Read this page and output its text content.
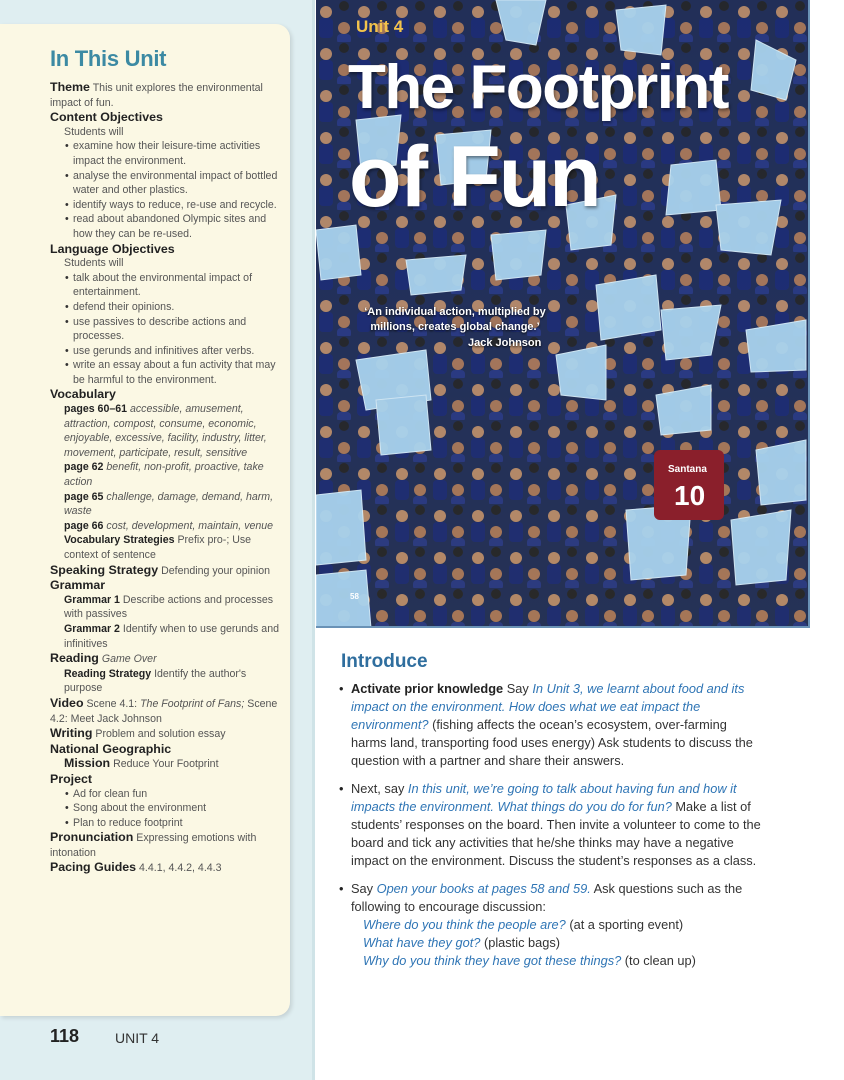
In This Unit
Theme This unit explores the environmental impact of fun.
Content Objectives
Students will
• examine how their leisure-time activities impact the environment.
• analyse the environmental impact of bottled water and other plastics.
• identify ways to reduce, re-use and recycle.
• read about abandoned Olympic sites and how they can be re-used.
Language Objectives
Students will
• talk about the environmental impact of entertainment.
• defend their opinions.
• use passives to describe actions and processes.
• use gerunds and infinitives after verbs.
• write an essay about a fun activity that may be harmful to the environment.
Vocabulary
pages 60–61 accessible, amusement, attraction, compost, consume, economic, enjoyable, excessive, facility, industry, litter, movement, participate, result, sensitive
page 62 benefit, non-profit, proactive, take action
page 65 challenge, damage, demand, harm, waste
page 66 cost, development, maintain, venue
Vocabulary Strategies Prefix pro-; Use context of sentence
Speaking Strategy Defending your opinion
Grammar
Grammar 1 Describe actions and processes with passives
Grammar 2 Identify when to use gerunds and infinitives
Reading Game Over
Reading Strategy Identify the author's purpose
Video Scene 4.1: The Footprint of Fans; Scene 4.2: Meet Jack Johnson
Writing Problem and solution essay
National Geographic
Mission Reduce Your Footprint
Project
• Ad for clean fun
• Song about the environment
• Plan to reduce footprint
Pronunciation Expressing emotions with intonation
Pacing Guides 4.4.1, 4.4.2, 4.4.3
118	UNIT 4
Santana
10
Unit 4
The Footprint
of Fun
‘An individual action, multiplied by millions, creates global change.’
Jack Johnson
58
Introduce

• Activate prior knowledge Say In Unit 3, we learnt about food and its impact on the environment. How does what we eat impact the environment? (fishing affects the ocean’s ecosystem, over-farming harms land, transporting food uses energy) Ask students to discuss the question with a partner and share their answers.

• Next, say In this unit, we’re going to talk about having fun and how it impacts the environment. What things do you do for fun? Make a list of students’ responses on the board. Then invite a volunteer to come to the board and tick any activities that he/she thinks may have a negative impact on the environment. Discuss the student’s responses as a class.

• Say Open your books at pages 58 and 59. Ask questions such as the following to encourage discussion:
Where do you think the people are? (at a sporting event)
What have they got? (plastic bags)
Why do you think they have got these things? (to clean up)
